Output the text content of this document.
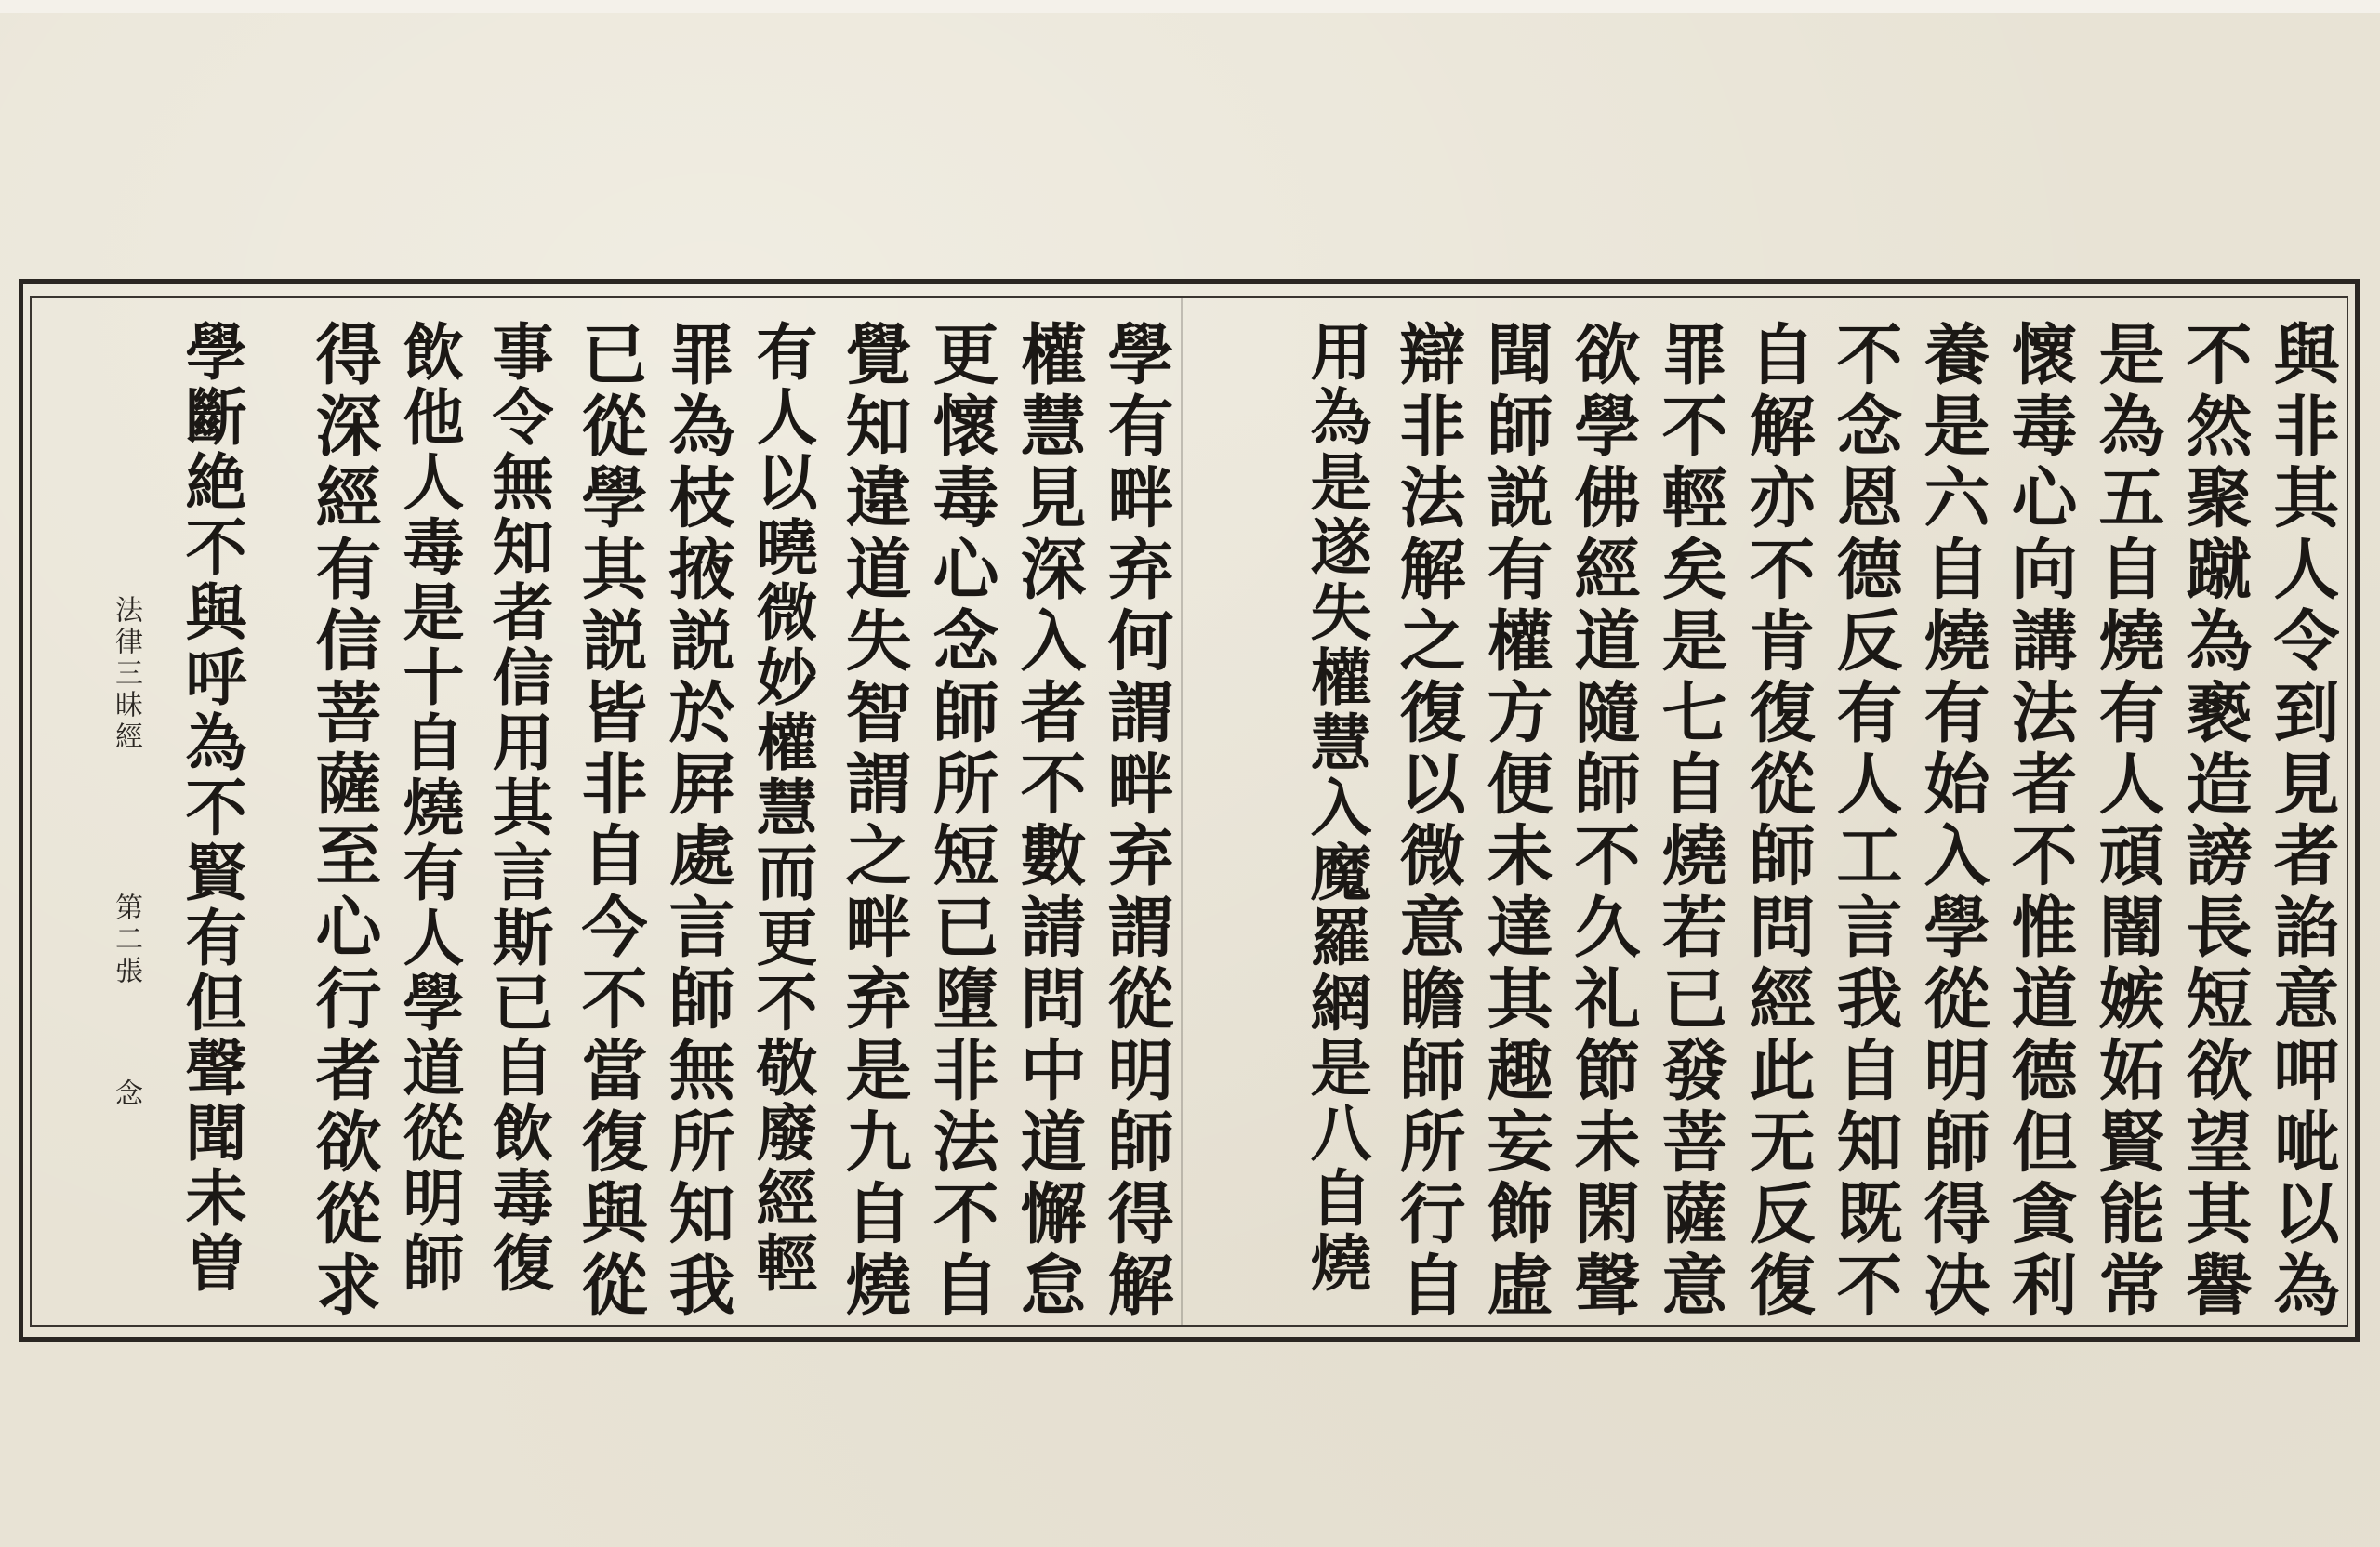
與非其人令到見者諂意呷呲以為
不然聚蹴為褻造謗長短欲望其譽
是為五自燒有人頑闇嫉妬賢能常
懷毒心向講法者不惟道德但貪利
養是六自燒有始入學從明師得决
不念恩德反有人工言我自知既不
自解亦不肯復從師問經此无反復
罪不輕矣是七自燒若已發菩薩意
欲學佛經道隨師不久礼節未閑聲
聞師説有權方便未達其趣妄飾虛
辯非法解之復以微意瞻師所行自
用為是遂失權慧入魔羅網是八自燒
學有畔弃何謂畔弃謂從明師得解
權慧見深入者不數請問中道懈怠
更懷毒心念師所短已墮非法不自
覺知違道失智謂之畔弃是九自燒
有人以曉微妙權慧而更不敬廢經輕
罪為枝掖説於屛處言師無所知我
已從學其説皆非自今不當復與從
事令無知者信用其言斯已自飲毒復
飲他人毒是十自燒有人學道從明師
得深經有信菩薩至心行者欲從求
學斷絶不與呼為不賢有但聲聞未曽
法律三昧經
第二張
念
